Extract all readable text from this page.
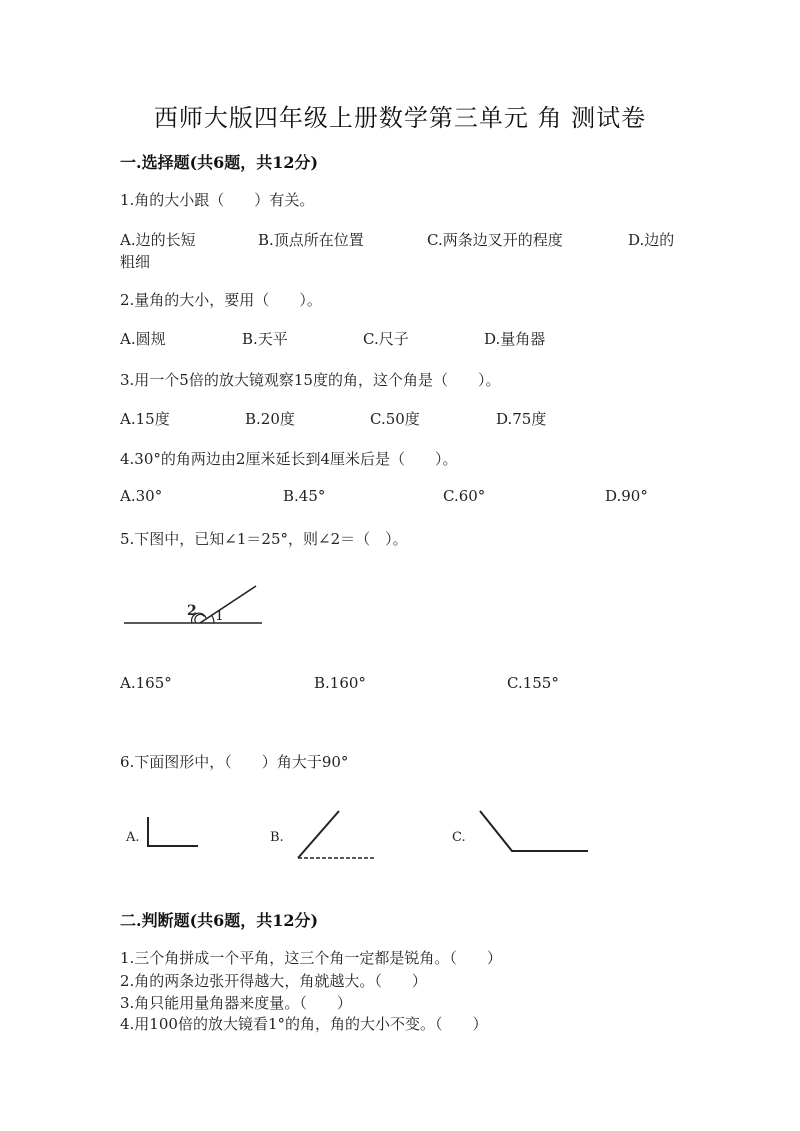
西师大版四年级上册数学第三单元 角 测试卷
一.选择题(共6题，共12分)
1.角的大小跟（　　）有关。
A.边的长短	B.顶点所在位置	C.两条边叉开的程度	D.边的
粗细
2.量角的大小，要用（　　）。
A.圆规	B.天平	C.尺子	D.量角器
3.用一个5倍的放大镜观察15度的角，这个角是（　　）。
A.15度	B.20度	C.50度	D.75度
4.30°的角两边由2厘米延长到4厘米后是（　　）。
A.30°	B.45°	C.60°	D.90°
5.下图中，已知∠1＝25°，则∠2＝（　）。
2 1
A.165°	B.160°	C.155°
6.下面图形中，（　　）角大于90°
A.	B.	C.
二.判断题(共6题，共12分)
1.三个角拼成一个平角，这三个角一定都是锐角。（　　）
2.角的两条边张开得越大，角就越大。（　　）
3.角只能用量角器来度量。（　　）
4.用100倍的放大镜看1°的角，角的大小不变。（　　）
